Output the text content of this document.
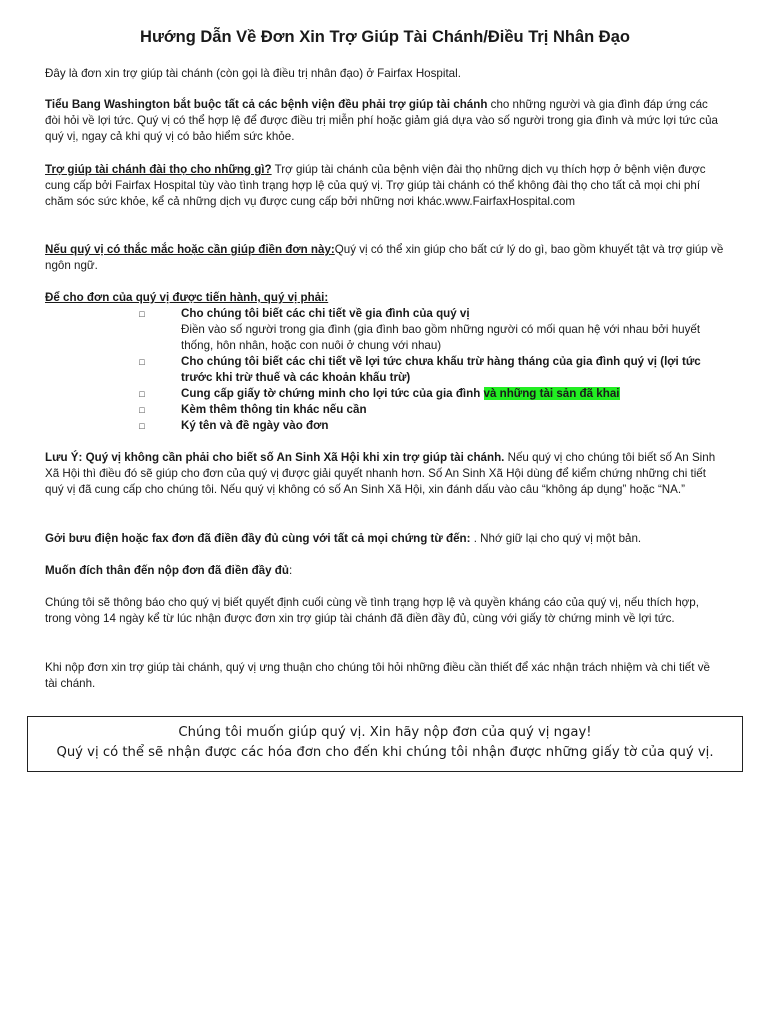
Hướng Dẫn Về Đơn Xin Trợ Giúp Tài Chánh/Điều Trị Nhân Đạo
Đây là đơn xin trợ giúp tài chánh (còn gọi là điều trị nhân đạo) ở Fairfax Hospital.
Tiểu Bang Washington bắt buộc tất cả các bệnh viện đều phải trợ giúp tài chánh cho những người và gia đình đáp ứng các đòi hỏi về lợi tức. Quý vị có thể hợp lệ để được điều trị miễn phí hoặc giảm giá dựa vào số người trong gia đình và mức lợi tức của quý vị, ngay cả khi quý vị có bảo hiểm sức khỏe.
Trợ giúp tài chánh đài thọ cho những gì? Trợ giúp tài chánh của bệnh viện đài thọ những dịch vụ thích hợp ở bệnh viện được cung cấp bởi Fairfax Hospital tùy vào tình trạng hợp lệ của quý vị. Trợ giúp tài chánh có thể không đài thọ cho tất cả mọi chi phí chăm sóc sức khỏe, kể cả những dịch vụ được cung cấp bởi những nơi khác.www.FairfaxHospital.com
Nếu quý vị có thắc mắc hoặc cần giúp điền đơn này:Quý vị có thể xin giúp cho bất cứ lý do gì, bao gồm khuyết tật và trợ giúp về ngôn ngữ.
Để cho đơn của quý vị được tiến hành, quý vị phải:
□	Cho chúng tôi biết các chi tiết về gia đình của quý vị
Điền vào số người trong gia đình (gia đình bao gồm những người có mối quan hệ với nhau bởi huyết thống, hôn nhân, hoặc con nuôi ở chung với nhau)
□	Cho chúng tôi biết các chi tiết về lợi tức chưa khấu trừ hàng tháng của gia đình quý vị (lợi tức trước khi trừ thuế và các khoản khấu trừ)
□	Cung cấp giấy tờ chứng minh cho lợi tức của gia đình và những tài sản đã khai
□	Kèm thêm thông tin khác nếu cần
□	Ký tên và đề ngày vào đơn
Lưu Ý: Quý vị không cần phải cho biết số An Sinh Xã Hội khi xin trợ giúp tài chánh. Nếu quý vị cho chúng tôi biết số An Sinh Xã Hội thì điều đó sẽ giúp cho đơn của quý vị được giải quyết nhanh hơn. Số An Sinh Xã Hội dùng để kiểm chứng những chi tiết quý vị đã cung cấp cho chúng tôi. Nếu quý vị không có số An Sinh Xã Hội, xin đánh dấu vào câu “không áp dụng” hoặc “NA.”
Gởi bưu điện hoặc fax đơn đã điền đầy đủ cùng với tất cả mọi chứng từ đến: . Nhớ giữ lại cho quý vị một bản.
Muốn đích thân đến nộp đơn đã điền đầy đủ:
Chúng tôi sẽ thông báo cho quý vị biết quyết định cuối cùng về tình trạng hợp lệ và quyền kháng cáo của quý vị, nếu thích hợp, trong vòng 14 ngày kể từ lúc nhận được đơn xin trợ giúp tài chánh đã điền đầy đủ, cùng với giấy tờ chứng minh về lợi tức.
Khi nộp đơn xin trợ giúp tài chánh, quý vị ưng thuận cho chúng tôi hỏi những điều cần thiết để xác nhận trách nhiệm và chi tiết về tài chánh.
Chúng tôi muốn giúp quý vị. Xin hãy nộp đơn của quý vị ngay!
Quý vị có thể sẽ nhận được các hóa đơn cho đến khi chúng tôi nhận được những giấy tờ của quý vị.
